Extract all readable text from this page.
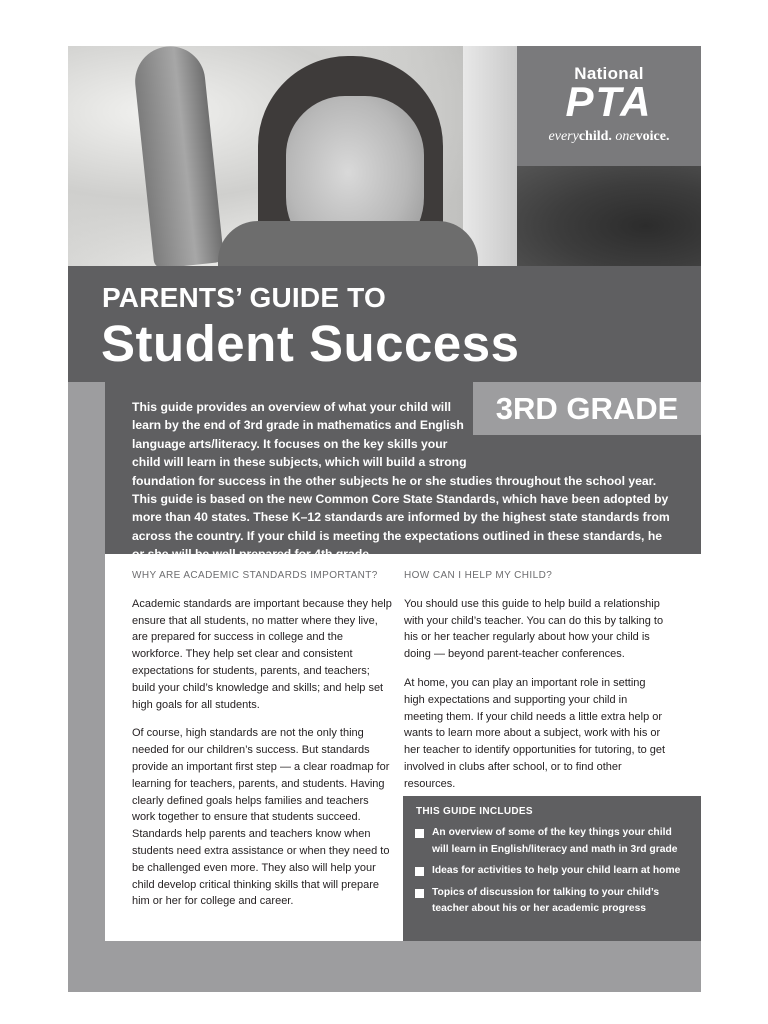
National
PTA
everychild. onevoice.
PARENTS’ GUIDE TO
Student Success

This guide provides an overview of what your child will learn by the end of 3rd grade in mathematics and English language arts/literacy. It focuses on the key skills your child will learn in these subjects, which will build a strong foundation for success in the other subjects he or she studies throughout the school year. This guide is based on the new Common Core State Standards, which have been adopted by more than 40 states. These K–12 standards are informed by the highest state standards from across the country. If your child is meeting the expectations outlined in these standards, he

3RD GRADE
WHY ARE ACADEMIC STANDARDS IMPORTANT?

Academic standards are important because they help ensure that all students, no matter where they live, are prepared for success in college and the workforce. They help set clear and consistent expectations for students, parents, and teachers; build your child’s knowledge and skills; and help set high goals for all students.

Of course, high standards are not the only thing needed for our children’s success. But standards provide an important first step — a clear roadmap for learning for teachers, parents, and students. Having clearly defined goals helps families and teachers work together to ensure that students succeed. Standards help parents and teachers know when students need extra assistance or when they need to be challenged even more. They also will help your child develop critical thinking skills that will prepare him or her for college and career.

HOW CAN I HELP MY CHILD?

You should use this guide to help build a relationship with your child’s teacher. You can do this by talking to his or her teacher regularly about how your child is doing — beyond parent-teacher conferences.

At home, you can play an important role in setting high expectations and supporting your child in meeting them. If your child needs a little extra help or wants to learn more about a subject, work with his or her teacher to identify opportunities for tutoring, to get involved in clubs after school, or to find other resources.

THIS GUIDE INCLUDES
An overview of some of the key things your child will learn in English/literacy and math in 3rd grade
Ideas for activities to help your child learn at home
Topics of discussion for talking to your child’s teacher about his or her academic progress
